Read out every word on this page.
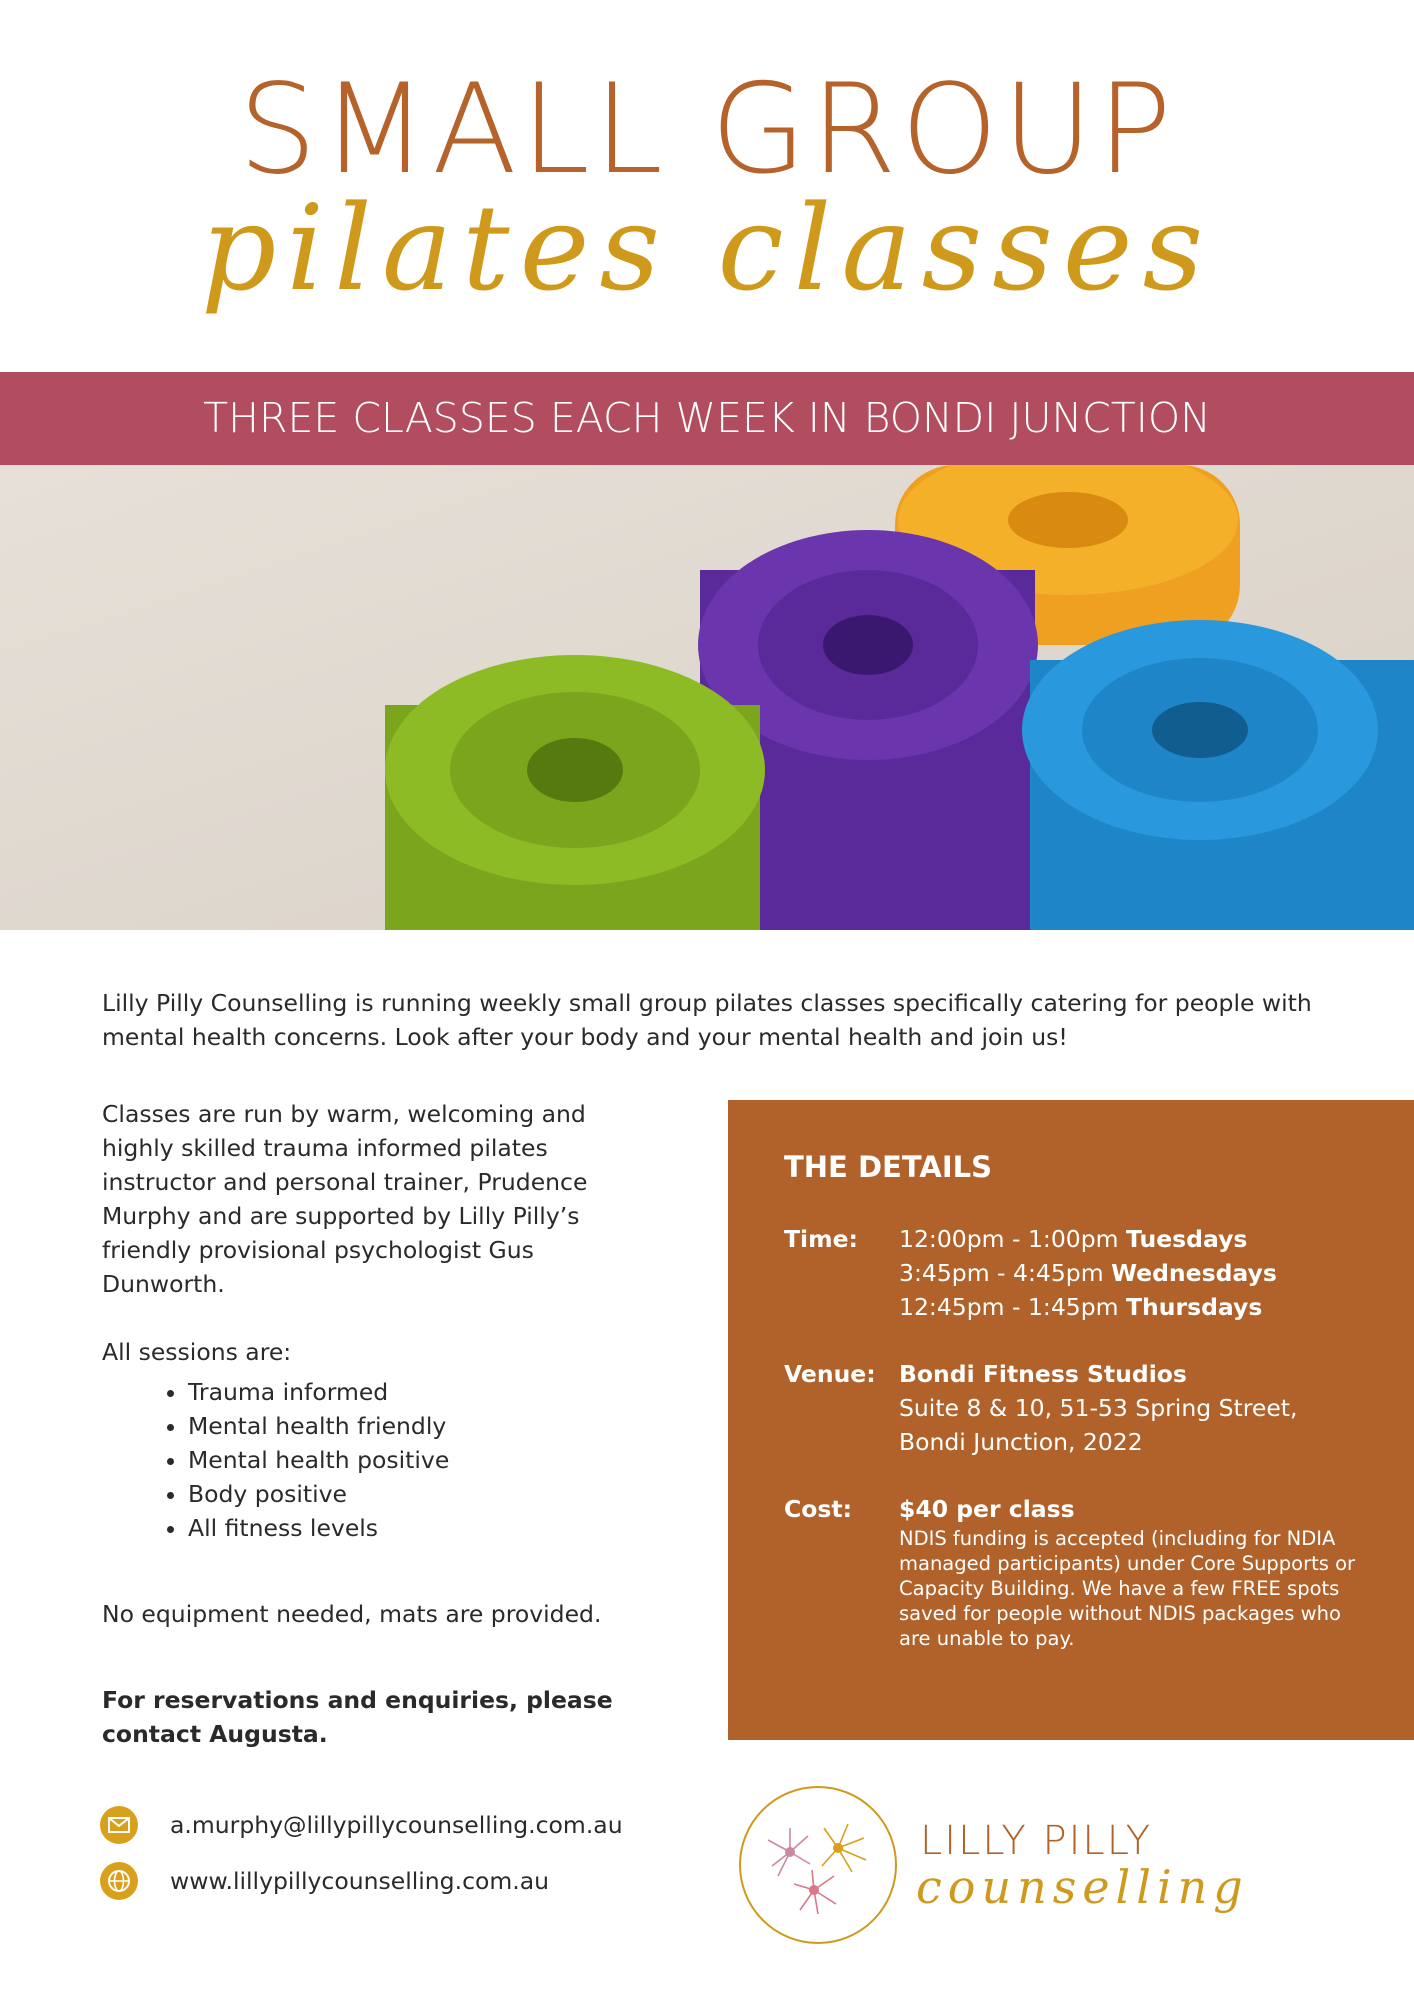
SMALL GROUP
pilates classes
THREE CLASSES EACH WEEK IN BONDI JUNCTION
Lilly Pilly Counselling is running weekly small group pilates classes specifically catering for people with mental health concerns. Look after your body and your mental health and join us!

Classes are run by warm, welcoming and highly skilled trauma informed pilates instructor and personal trainer, Prudence Murphy and are supported by Lilly Pilly’s friendly provisional psychologist Gus Dunworth.

All sessions are:

• Trauma informed
• Mental health friendly
• Mental health positive
• Body positive
• All fitness levels
No equipment needed, mats are provided.
For reservations and enquiries, please contact Augusta.
a.murphy@lillypillycounselling.com.au
www.lillypillycounselling.com.au
THE DETAILS
Time:	12:00pm - 1:00pm Tuesdays
3:45pm - 4:45pm Wednesdays
12:45pm - 1:45pm Thursdays
Venue: Bondi Fitness Studios
Suite 8 & 10, 51-53 Spring Street,
Bondi Junction, 2022
Cost:	$40 per class
NDIS funding is accepted (including for NDIA managed participants) under Core Supports or Capacity Building. We have a few FREE spots saved for people without NDIS packages who are unable to pay.
LILLY PILLY
counselling
